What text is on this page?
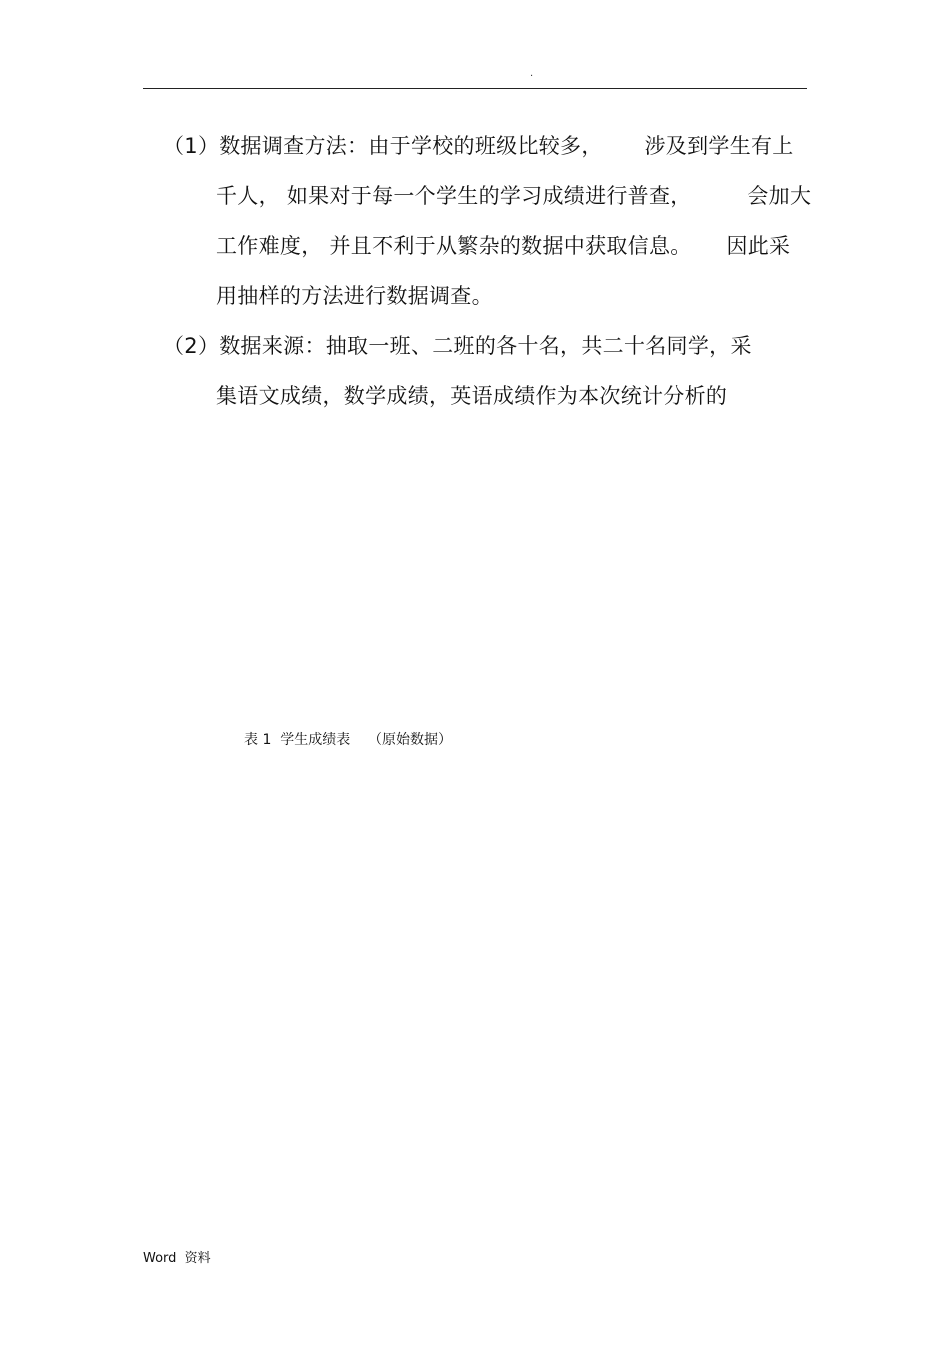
.
（1）数据调查方法：由于学校的班级比较多，      涉及到学生有上
千人， 如果对于每一个学生的学习成绩进行普查，        会加大
工作难度， 并且不利于从繁杂的数据中获取信息。     因此采
用抽样的方法进行数据调查。
（2）数据来源：抽取一班、二班的各十名，共二十名同学，采
集语文成绩，数学成绩，英语成绩作为本次统计分析的
表 1  学生成绩表    （原始数据）
Word  资料
